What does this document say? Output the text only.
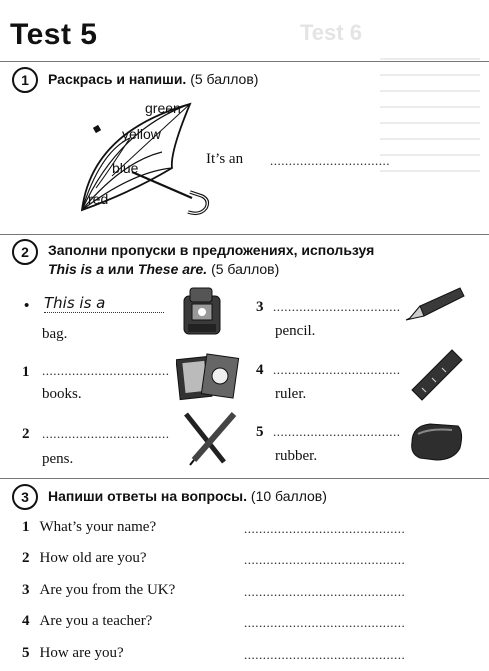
Test 6
Test 5
1	Раскрась и напиши. (5 баллов)
green
yellow
blue
red
It’s an ................................
2	Заполни пропуски в предложениях, используя
This is a или These are. (5 баллов)
• This is a
bag.
1 ..................................
books.
2 ..................................
pens.
3 ..................................
pencil.
4 ..................................
ruler.
5 ..................................
rubber.
3	Напиши ответы на вопросы. (10 баллов)
1 What’s your name?	...........................................
2 How old are you?	...........................................
3 Are you from the UK?	...........................................
4 Are you a teacher?	...........................................
5 How are you?	...........................................
